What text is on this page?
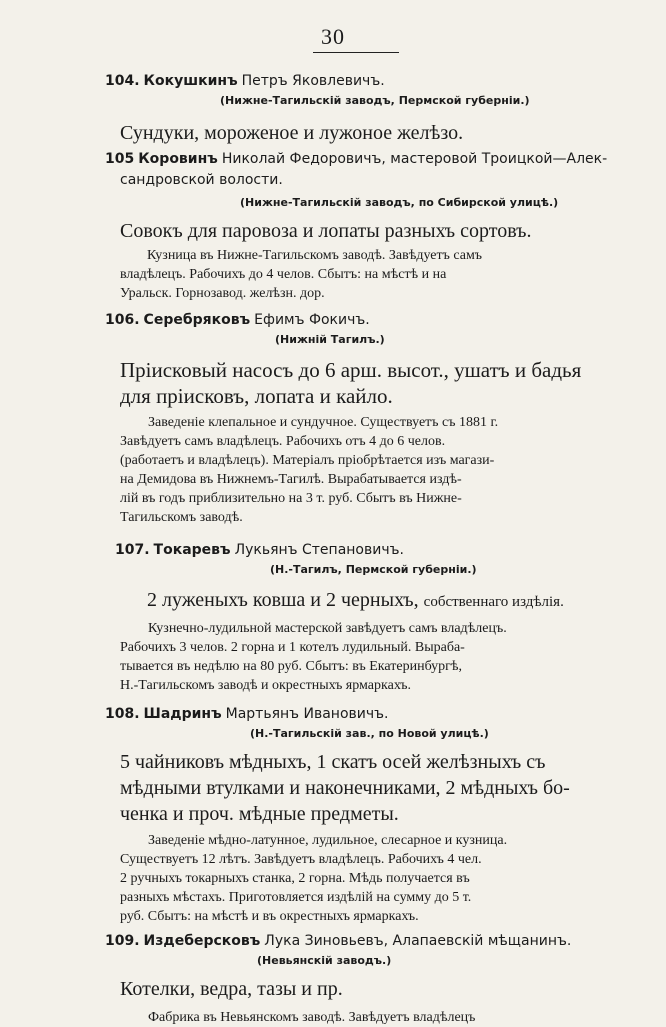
30
104. Кокушкинъ Петръ Яковлевичъ.
(Нижне-Тагильскій заводъ, Пермской губерніи.)
Сундуки, мороженое и лужоное желѣзо.
105 Коровинъ Николай Федоровичъ, мастеровой Троицкой—Алек-
сандровской волости.
(Нижне-Тагильскій заводъ, по Сибирской улицѣ.)
Совокъ для паровоза и лопаты разныхъ сортовъ.
Кузница въ Нижне-Тагильскомъ заводѣ. Завѣдуетъ самъ
владѣлецъ. Рабочихъ до 4 челов. Сбытъ: на мѣстѣ и на
Уральск. Горнозавод. желѣзн. дор.
106. Серебряковъ Ефимъ Фокичъ.
(Нижній Тагилъ.)
Пріисковый насосъ до 6 арш. высот., ушатъ и бадья
для пріисковъ, лопата и кайло.
Заведеніе клепальное и сундучное. Существуетъ съ 1881 г.
Завѣдуетъ самъ владѣлецъ. Рабочихъ отъ 4 до 6 челов.
(работаетъ и владѣлецъ). Матеріалъ пріобрѣтается изъ магази-
на Демидова въ Нижнемъ-Тагилѣ. Вырабатывается издѣ-
лій въ годъ приблизительно на 3 т. руб. Сбытъ въ Нижне-
Тагильскомъ заводѣ.
107. Токаревъ Лукьянъ Степановичъ.
(Н.-Тагилъ, Пермской губерніи.)
2 луженыхъ ковша и 2 черныхъ, собственнаго издѣлія.
Кузнечно-лудильной мастерской завѣдуетъ самъ владѣлецъ.
Рабочихъ 3 челов. 2 горна и 1 котелъ лудильный. Выраба-
тывается въ недѣлю на 80 руб. Сбытъ: въ Екатеринбургѣ,
Н.-Тагильскомъ заводѣ и окрестныхъ ярмаркахъ.
108. Шадринъ Мартьянъ Ивановичъ.
(Н.-Тагильскій зав., по Новой улицѣ.)
5 чайниковъ мѣдныхъ, 1 скатъ осей желѣзныхъ съ
мѣдными втулками и наконечниками, 2 мѣдныхъ бо-
ченка и проч. мѣдные предметы.
Заведеніе мѣдно-латунное, лудильное, слесарное и кузница.
Существуетъ 12 лѣтъ. Завѣдуетъ владѣлецъ. Рабочихъ 4 чел.
2 ручныхъ токарныхъ станка, 2 горна. Мѣдь получается въ
разныхъ мѣстахъ. Приготовляется издѣлій на сумму до 5 т.
руб. Сбытъ: на мѣстѣ и въ окрестныхъ ярмаркахъ.
109. Издеберсковъ Лука Зиновьевъ, Алапаевскій мѣщанинъ.
(Невьянскій заводъ.)
Котелки, ведра, тазы и пр.
Фабрика въ Невьянскомъ заводѣ. Завѣдуетъ владѣлецъ
